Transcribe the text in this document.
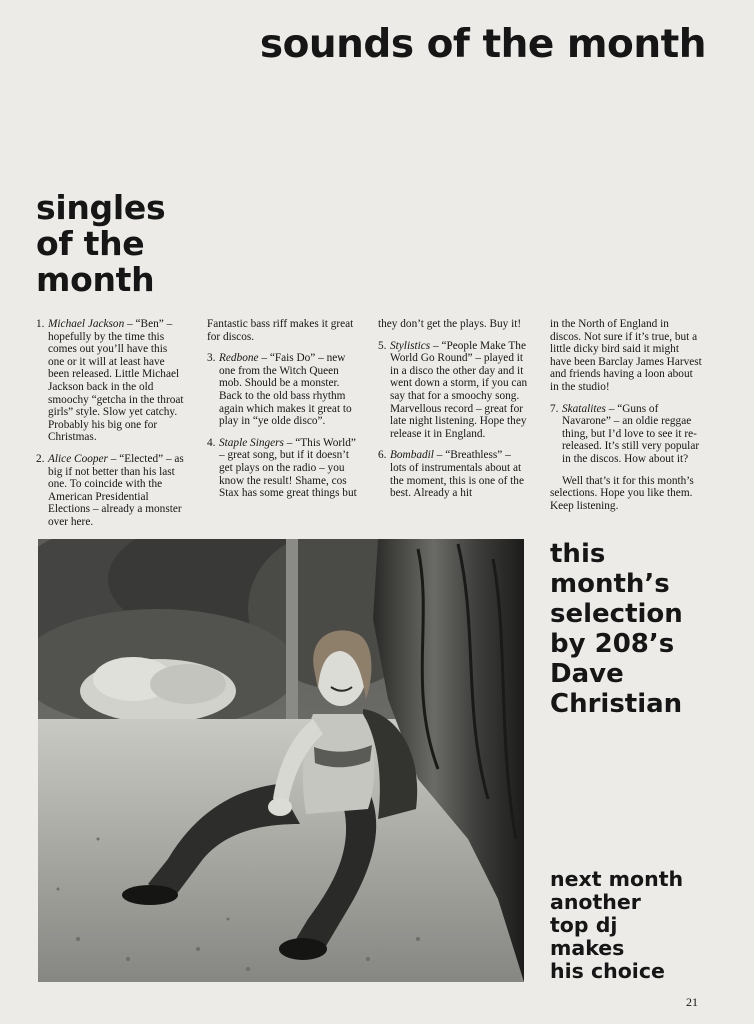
sounds of the month
singles
of the
month
1. Michael Jackson – “Ben” – hopefully by the time this comes out you’ll have this one or it will at least have been released. Little Michael Jackson back in the old smoochy “getcha in the throat girls” style. Slow yet catchy. Probably his big one for Christmas.
2. Alice Cooper – “Elected” – as big if not better than his last one. To coincide with the American Presidential Elections – already a monster over here.
Fantastic bass riff makes it great for discos.
3. Redbone – “Fais Do” – new one from the Witch Queen mob. Should be a monster. Back to the old bass rhythm again which makes it great to play in “ye olde disco”.
4. Staple Singers – “This World” – great song, but if it doesn’t get plays on the radio – you know the result! Shame, cos Stax has some great things but
they don’t get the plays. Buy it!
5. Stylistics – “People Make The World Go Round” – played it in a disco the other day and it went down a storm, if you can say that for a smoochy song. Marvellous record – great for late night listening. Hope they release it in England.
6. Bombadil – “Breathless” – lots of instrumentals about at the moment, this is one of the best. Already a hit
in the North of England in discos. Not sure if it’s true, but a little dicky bird said it might have been Barclay James Harvest and friends having a loon about in the studio!
7. Skatalites – “Guns of Navarone” – an oldie reggae thing, but I’d love to see it re-released. It’s still very popular in the discos. How about it?
Well that’s it for this month’s selections. Hope you like them. Keep listening.
this
month’s
selection
by 208’s
Dave
Christian
next month
another
top dj
makes
his choice
21
